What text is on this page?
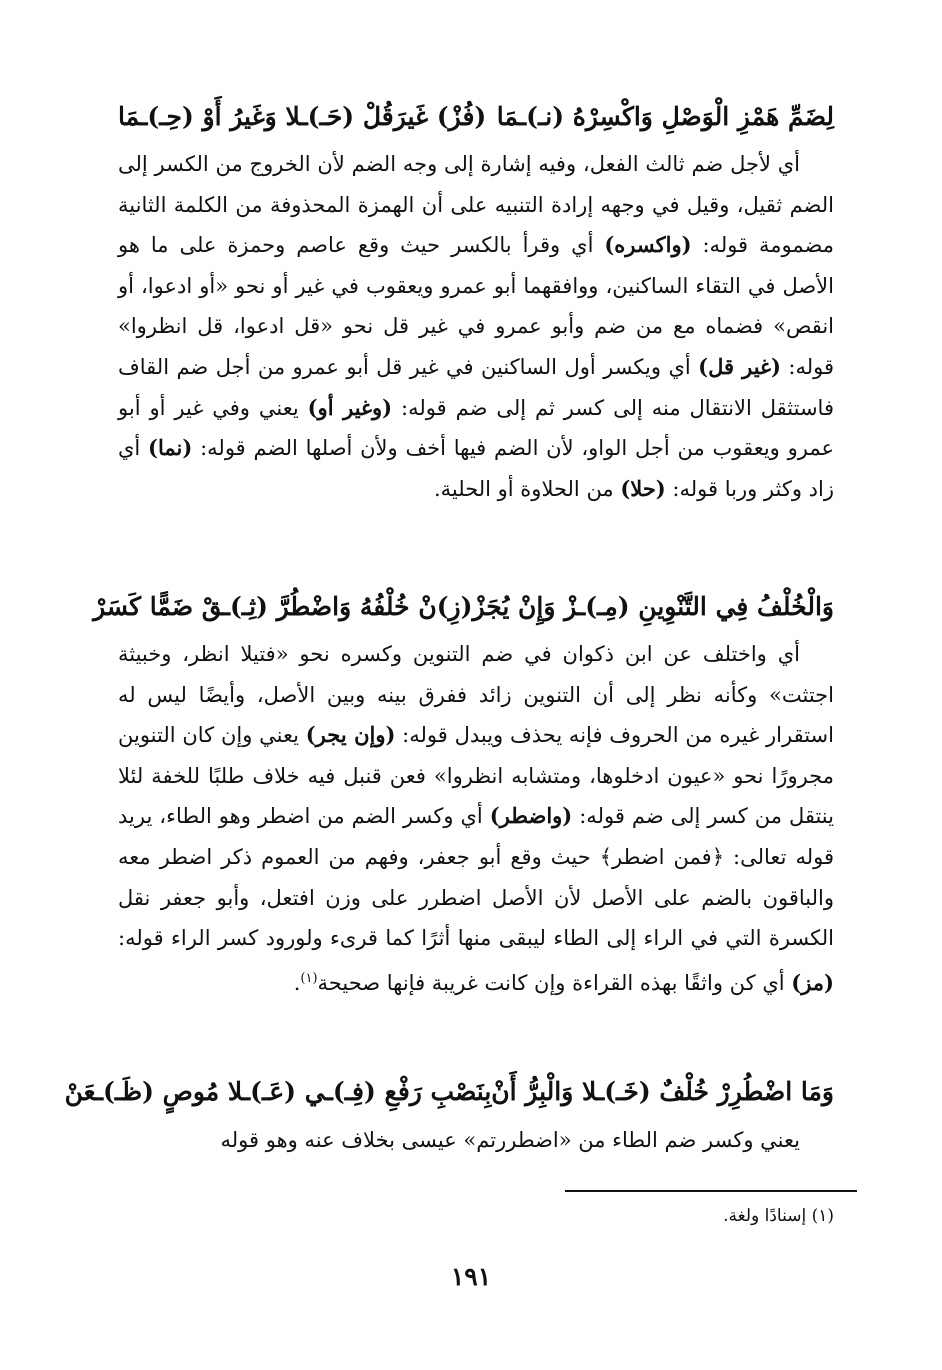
لِضَمِّ هَمْزِ الْوَصْلِ وَاكْسِرْهُ (نـ)ـمَا
(فُزْ) غَيرَقُلْ (حَـ)ـلا وَغَيرُ أَوْ (حِـ)ـمَا

أي لأجل ضم ثالث الفعل، وفيه إشارة إلى وجه الضم لأن الخروج من الكسر إلى الضم ثقيل، وقيل في وجهه إرادة التنبيه على أن الهمزة المحذوفة من الكلمة الثانية مضمومة قوله: (واكسره) أي وقرأ بالكسر حيث وقع عاصم وحمزة على ما هو الأصل في التقاء الساكنين، ووافقهما أبو عمرو ويعقوب في غير أو نحو «أو ادعوا، أو انقص» فضماه مع من ضم وأبو عمرو في غير قل نحو «قل ادعوا، قل انظروا» قوله: (غير قل) أي ويكسر أول الساكنين في غير قل أبو عمرو من أجل ضم القاف فاستثقل الانتقال منه إلى كسر ثم إلى ضم قوله: (وغير أو) يعني وفي غير أو أبو عمرو ويعقوب من أجل الواو، لأن الضم فيها أخف ولأن أصلها الضم قوله: (نما) أي زاد وكثر وربا قوله: (حلا) من الحلاوة أو الحلية.

وَالْخُلْفُ فِي التَّنْوِينِ (مِـ)ـزْ وَإِنْ يُجَزْ
(زِ)نْ خُلْفُهُ وَاضْطُرَّ (ثِـ)ـقْ ضَمًّا كَسَرْ

أي واختلف عن ابن ذكوان في ضم التنوين وكسره نحو «فتيلا انظر، وخبيثة اجتثت» وكأنه نظر إلى أن التنوين زائد ففرق بينه وبين الأصل، وأيضًا ليس له استقرار غيره من الحروف فإنه يحذف ويبدل قوله: (وإن يجر) يعني وإن كان التنوين مجرورًا نحو «عيون ادخلوها، ومتشابه انظروا» فعن قنبل فيه خلاف طلبًا للخفة لئلا ينتقل من كسر إلى ضم قوله: (واضطر) أي وكسر الضم من اضطر وهو الطاء، يريد قوله تعالى: ﴿فمن اضطر﴾ حيث وقع أبو جعفر، وفهم من العموم ذكر اضطر معه والباقون بالضم على الأصل لأن الأصل اضطرر على وزن افتعل، وأبو جعفر نقل الكسرة التي في الراء إلى الطاء ليبقى منها أثرًا كما قرىء ولورود كسر الراء قوله: (مز) أي كن واثقًا بهذه القراءة وإن كانت غريبة فإنها صحيحة$^{(١)}$.

وَمَا اضْطُرِرْ خُلْفٌ (خَـ)ـلا وَالْبِرُّ أَنْ
بِنَصْبِ رَفْعِ (فِـ)ـي (عَـ)ـلا مُوصٍ (ظَـ)ـعَنْ

يعني وكسر ضم الطاء من «اضطررتم» عيسى بخلاف عنه وهو قوله

(١) إسنادًا ولغة.
١٩١
